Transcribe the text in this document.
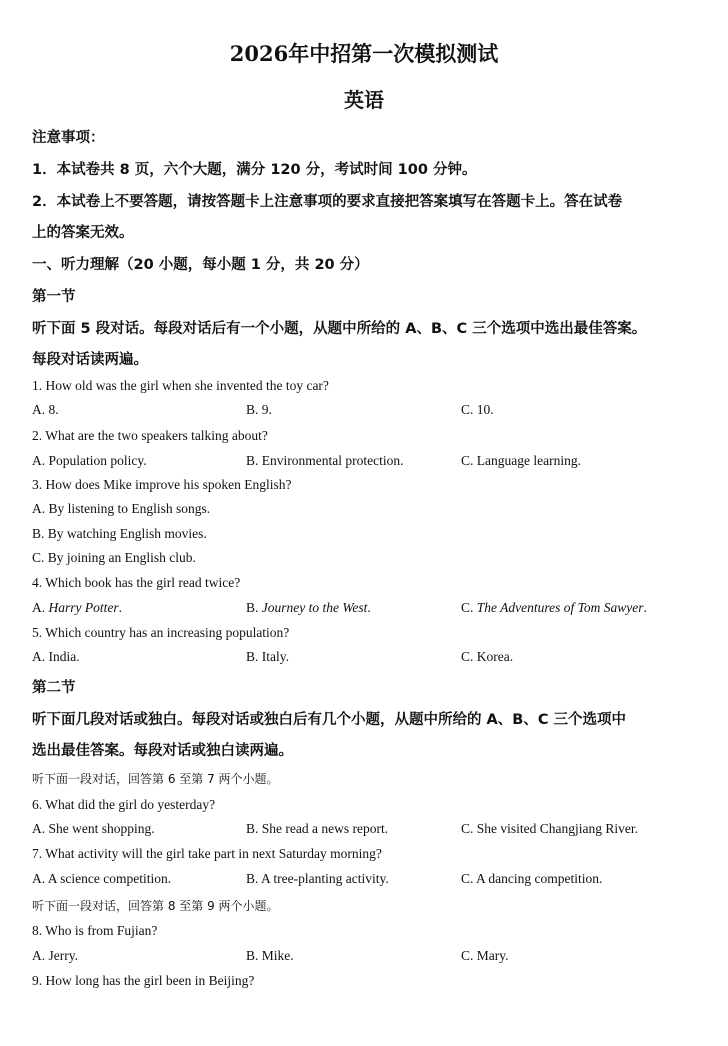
2026年中招第一次模拟测试
英语
注意事项：
1．本试卷共 8 页，六个大题，满分 120 分，考试时间 100 分钟。
2．本试卷上不要答题，请按答题卡上注意事项的要求直接把答案填写在答题卡上。答在试卷
上的答案无效。
一、听力理解（20 小题，每小题 1 分，共 20 分）
第一节
听下面 5 段对话。每段对话后有一个小题，从题中所给的 A、B、C 三个选项中选出最佳答案。
每段对话读两遍。
1. How old was the girl when she invented the toy car?
A. 8.	B. 9.	C. 10.
2. What are the two speakers talking about?
A. Population policy.	B. Environmental protection.	C. Language learning.
3. How does Mike improve his spoken English?
A. By listening to English songs.
B. By watching English movies.
C. By joining an English club.
4. Which book has the girl read twice?
A. Harry Potter.	B. Journey to the West.	C. The Adventures of Tom Sawyer.
5. Which country has an increasing population?
A. India.	B. Italy.	C. Korea.
第二节
听下面几段对话或独白。每段对话或独白后有几个小题，从题中所给的 A、B、C 三个选项中
选出最佳答案。每段对话或独白读两遍。
听下面一段对话，回答第 6 至第 7 两个小题。
6. What did the girl do yesterday?
A. She went shopping.	B. She read a news report.	C. She visited Changjiang River.
7. What activity will the girl take part in next Saturday morning?
A. A science competition.	B. A tree-planting activity.	C. A dancing competition.
听下面一段对话，回答第 8 至第 9 两个小题。
8. Who is from Fujian?
A. Jerry.	B. Mike.	C. Mary.
9. How long has the girl been in Beijing?
